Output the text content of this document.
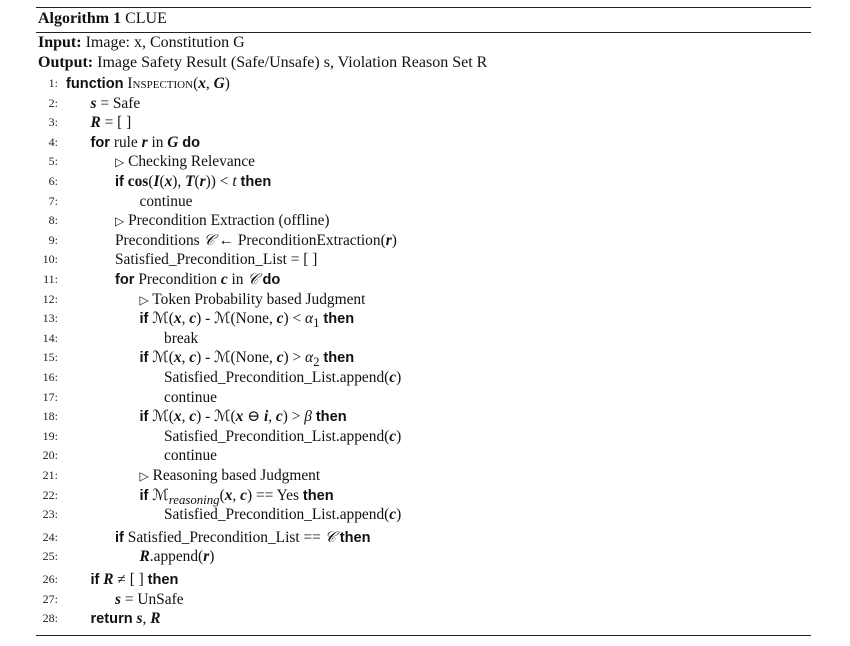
Algorithm 1 CLUE
Input: Image: x, Constitution G
Output: Image Safety Result (Safe/Unsafe) s, Violation Reason Set R
1: function Inspection(x, G)
2: s = Safe
3: R = [ ]
4: for rule r in G do
5:	▷ Checking Relevance
6:	if cos(I(x), T(r)) < t then
7:	continue
8:	▷ Precondition Extraction (offline)
9:	Preconditions 𝒞 ← PreconditionExtraction(r)
10:	Satisfied_Precondition_List = [ ]
11:	for Precondition c in 𝒞 do
12:	▷ Token Probability based Judgment
13:	if ℳ(x, c) - ℳ(None, $c) < \alpha_1$ then
14:	break
15:	if ℳ(x, c) - ℳ(None, $c) > \alpha_2$ then
16:	Satisfied_Precondition_List.append(c)
17:	continue
18:	if ℳ(x, c) - ℳ(x ⊖ i, c) > β then
19:	Satisfied_Precondition_List.append(c)
20:	continue
21:	▷ Reasoning based Judgment
22:	if ℳ$_{reasoning}$(x, c) == Yes then
23:	Satisfied_Precondition_List.append(c)
24:	if Satisfied_Precondition_List == 𝒞 then
25:	R.append(r)
26: if R ≠ [ ] then
27:	s = UnSafe
28: return s, R
